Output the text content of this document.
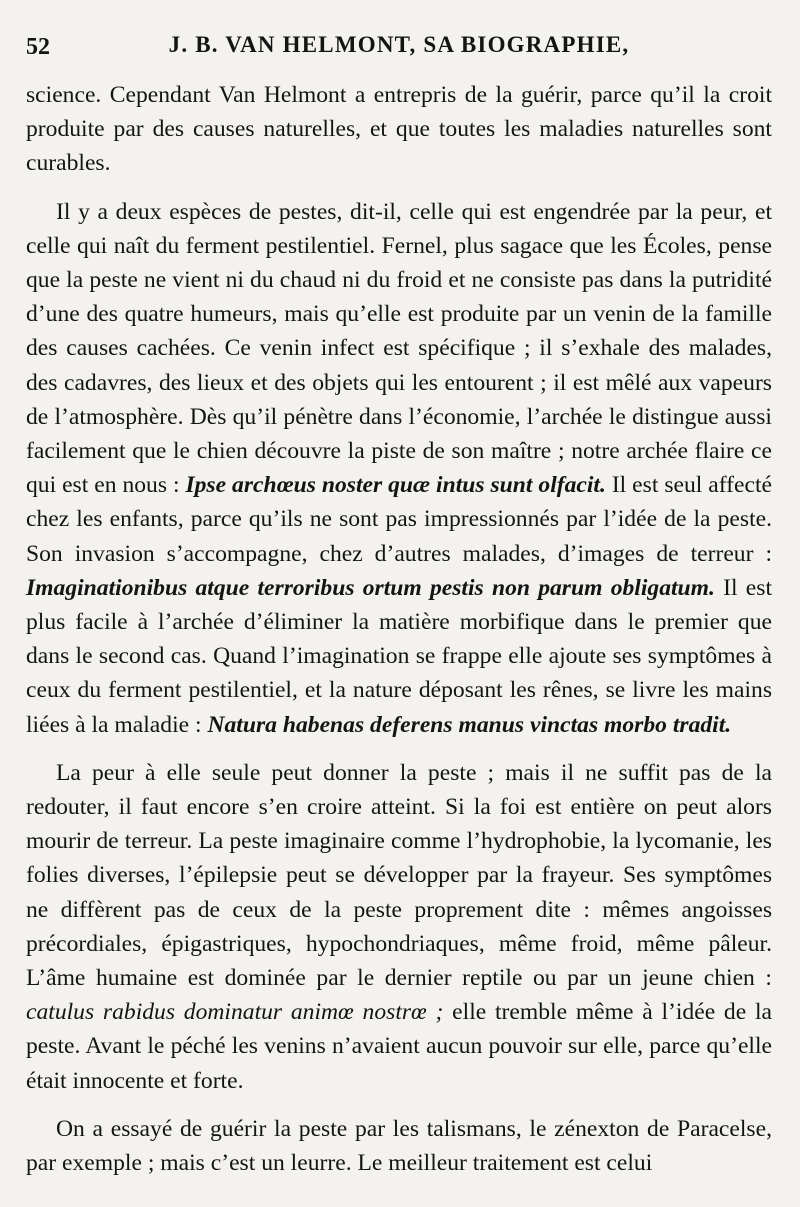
52	J. B. VAN HELMONT, SA BIOGRAPHIE,

science. Cependant Van Helmont a entrepris de la guérir, parce qu’il la croit produite par des causes naturelles, et que toutes les maladies naturelles sont curables.

Il y a deux espèces de pestes, dit-il, celle qui est engendrée par la peur, et celle qui naît du ferment pestilentiel. Fernel, plus sagace que les Écoles, pense que la peste ne vient ni du chaud ni du froid et ne consiste pas dans la putridité d’une des quatre humeurs, mais qu’elle est produite par un venin de la famille des causes cachées. Ce venin infect est spécifique ; il s’exhale des malades, des cadavres, des lieux et des objets qui les entourent ; il est mêlé aux vapeurs de l’atmosphère. Dès qu’il pénètre dans l’économie, l’archée le distingue aussi facilement que le chien découvre la piste de son maître ; notre archée flaire ce qui est en nous : Ipse archœus noster quæ intus sunt olfacit. Il est seul affecté chez les enfants, parce qu’ils ne sont pas impressionnés par l’idée de la peste. Son invasion s’accompagne, chez d’autres malades, d’images de terreur : Imaginationibus atque terroribus ortum pestis non parum obligatum. Il est plus facile à l’archée d’éliminer la matière morbifique dans le premier que dans le second cas. Quand l’imagination se frappe elle ajoute ses symptômes à ceux du ferment pestilentiel, et la nature déposant les rênes, se livre les mains liées à la maladie : Natura habenas deferens manus vinctas morbo tradit.

La peur à elle seule peut donner la peste ; mais il ne suffit pas de la redouter, il faut encore s’en croire atteint. Si la foi est entière on peut alors mourir de terreur. La peste imaginaire comme l’hydrophobie, la lycomanie, les folies diverses, l’épilepsie peut se développer par la frayeur. Ses symptômes ne diffèrent pas de ceux de la peste proprement dite : mêmes angoisses précordiales, épigastriques, hypochondriaques, même froid, même pâleur. L’âme humaine est dominée par le dernier reptile ou par un jeune chien : catulus rabidus dominatur animœ nostrœ ; elle tremble même à l’idée de la peste. Avant le péché les venins n’avaient aucun pouvoir sur elle, parce qu’elle était innocente et forte.

On a essayé de guérir la peste par les talismans, le zénexton de Paracelse, par exemple ; mais c’est un leurre. Le meilleur traitement est celui
